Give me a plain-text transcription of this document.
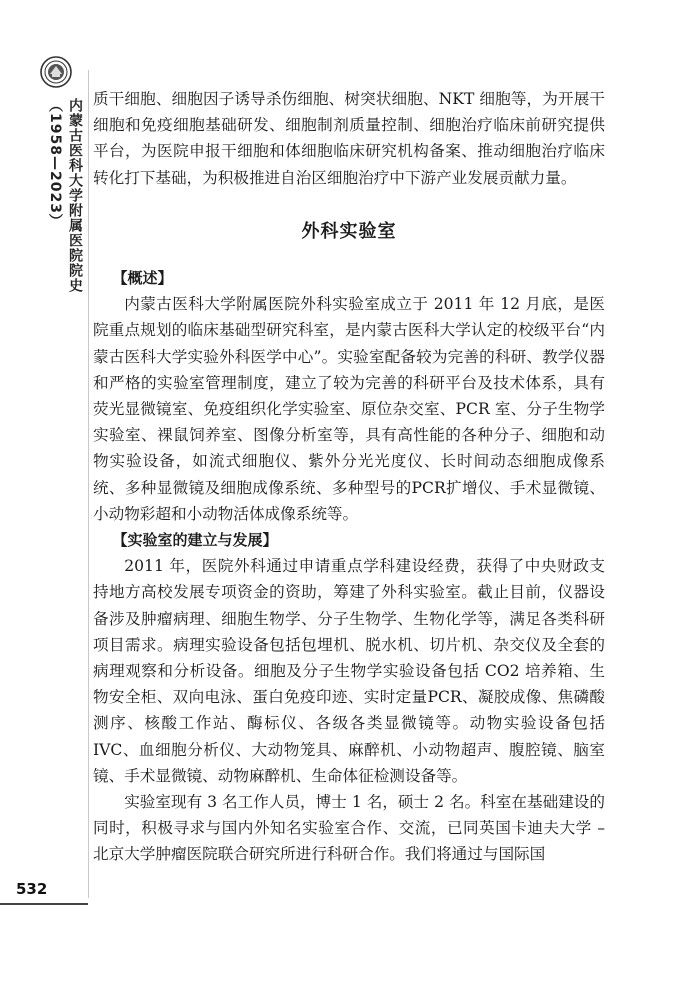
内蒙古医科大学附属医院院史（1958—2023）
532

质干细胞、细胞因子诱导杀伤细胞、树突状细胞、NKT 细胞等，为开展干细胞和免疫细胞基础研发、细胞制剂质量控制、细胞治疗临床前研究提供平台，为医院申报干细胞和体细胞临床研究机构备案、推动细胞治疗临床转化打下基础，为积极推进自治区细胞治疗中下游产业发展贡献力量。

外科实验室
【概述】

内蒙古医科大学附属医院外科实验室成立于 2011 年 12 月底，是医院重点规划的临床基础型研究科室，是内蒙古医科大学认定的校级平台“内蒙古医科大学实验外科医学中心”。实验室配备较为完善的科研、教学仪器和严格的实验室管理制度，建立了较为完善的科研平台及技术体系，具有荧光显微镜室、免疫组织化学实验室、原位杂交室、PCR 室、分子生物学实验室、裸鼠饲养室、图像分析室等，具有高性能的各种分子、细胞和动物实验设备，如流式细胞仪、紫外分光光度仪、长时间动态细胞成像系统、多种显微镜及细胞成像系统、多种型号的PCR扩增仪、手术显微镜、小动物彩超和小动物活体成像系统等。

【实验室的建立与发展】

2011 年，医院外科通过申请重点学科建设经费，获得了中央财政支持地方高校发展专项资金的资助，筹建了外科实验室。截止目前，仪器设备涉及肿瘤病理、细胞生物学、分子生物学、生物化学等，满足各类科研项目需求。病理实验设备包括包埋机、脱水机、切片机、杂交仪及全套的病理观察和分析设备。细胞及分子生物学实验设备包括 CO2 培养箱、生物安全柜、双向电泳、蛋白免疫印迹、实时定量PCR、凝胶成像、焦磷酸测序、核酸工作站、酶标仪、各级各类显微镜等。动物实验设备包括 IVC、血细胞分析仪、大动物笼具、麻醉机、小动物超声、腹腔镜、脑室镜、手术显微镜、动物麻醉机、生命体征检测设备等。

实验室现有 3 名工作人员，博士 1 名，硕士 2 名。科室在基础建设的同时，积极寻求与国内外知名实验室合作、交流，已同英国卡迪夫大学 – 北京大学肿瘤医院联合研究所进行科研合作。我们将通过与国际国
